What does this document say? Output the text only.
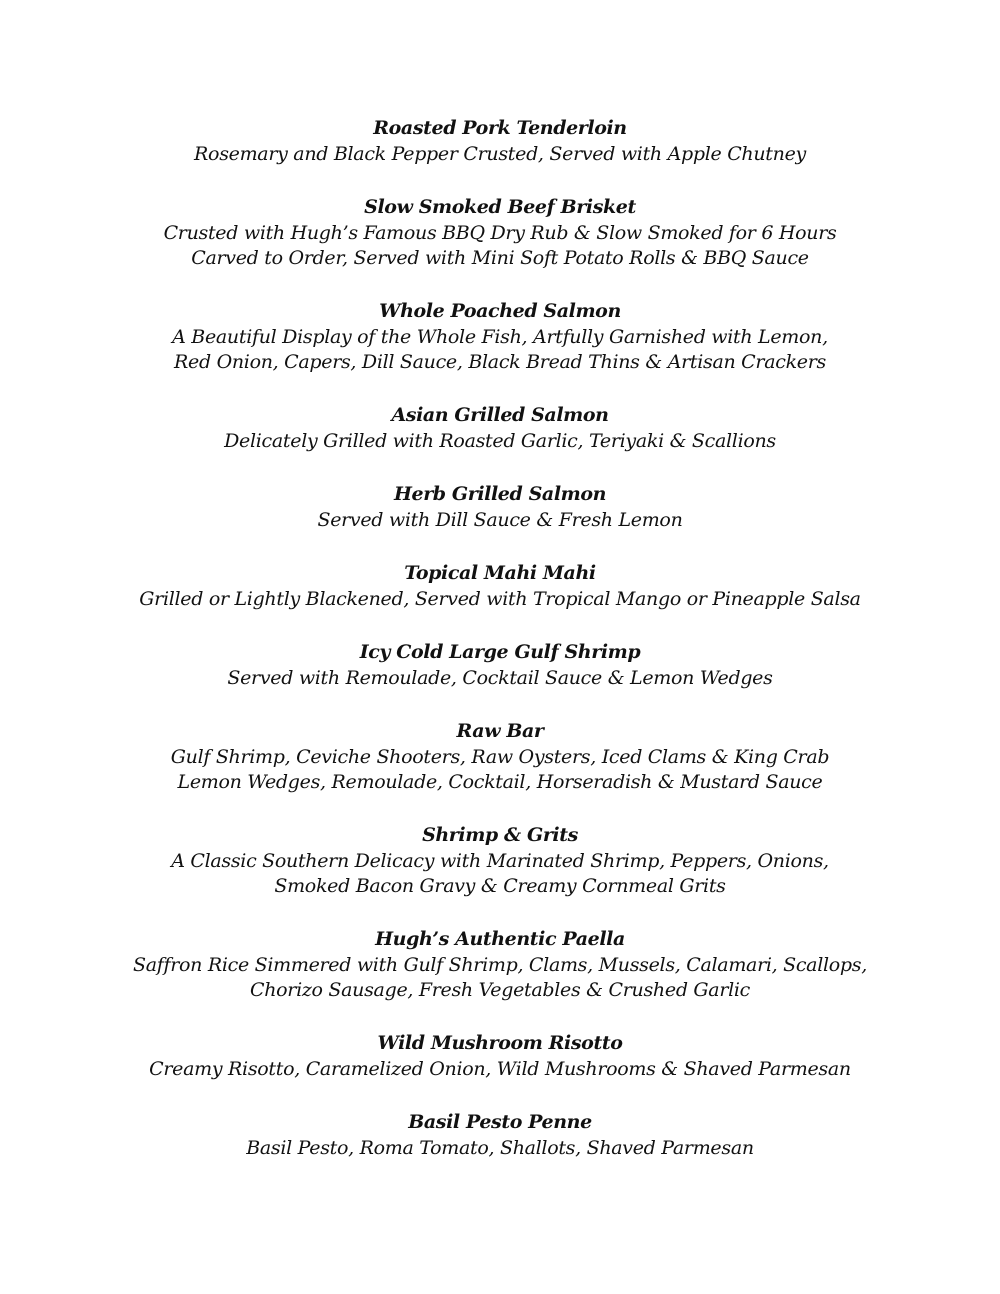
Roasted Pork Tenderloin
Rosemary and Black Pepper Crusted, Served with Apple Chutney
Slow Smoked Beef Brisket
Crusted with Hugh’s Famous BBQ Dry Rub & Slow Smoked for 6 Hours
Carved to Order, Served with Mini Soft Potato Rolls & BBQ Sauce
Whole Poached Salmon
A Beautiful Display of the Whole Fish, Artfully Garnished with Lemon,
Red Onion, Capers, Dill Sauce, Black Bread Thins & Artisan Crackers
Asian Grilled Salmon
Delicately Grilled with Roasted Garlic, Teriyaki & Scallions
Herb Grilled Salmon
Served with Dill Sauce & Fresh Lemon
Topical Mahi Mahi
Grilled or Lightly Blackened, Served with Tropical Mango or Pineapple Salsa
Icy Cold Large Gulf Shrimp
Served with Remoulade, Cocktail Sauce & Lemon Wedges
Raw Bar
Gulf Shrimp, Ceviche Shooters, Raw Oysters, Iced Clams & King Crab
Lemon Wedges, Remoulade, Cocktail, Horseradish & Mustard Sauce
Shrimp & Grits
A Classic Southern Delicacy with Marinated Shrimp, Peppers, Onions,
Smoked Bacon Gravy & Creamy Cornmeal Grits
Hugh’s Authentic Paella
Saffron Rice Simmered with Gulf Shrimp, Clams, Mussels, Calamari, Scallops,
Chorizo Sausage, Fresh Vegetables & Crushed Garlic
Wild Mushroom Risotto
Creamy Risotto, Caramelized Onion, Wild Mushrooms & Shaved Parmesan
Basil Pesto Penne
Basil Pesto, Roma Tomato, Shallots, Shaved Parmesan
